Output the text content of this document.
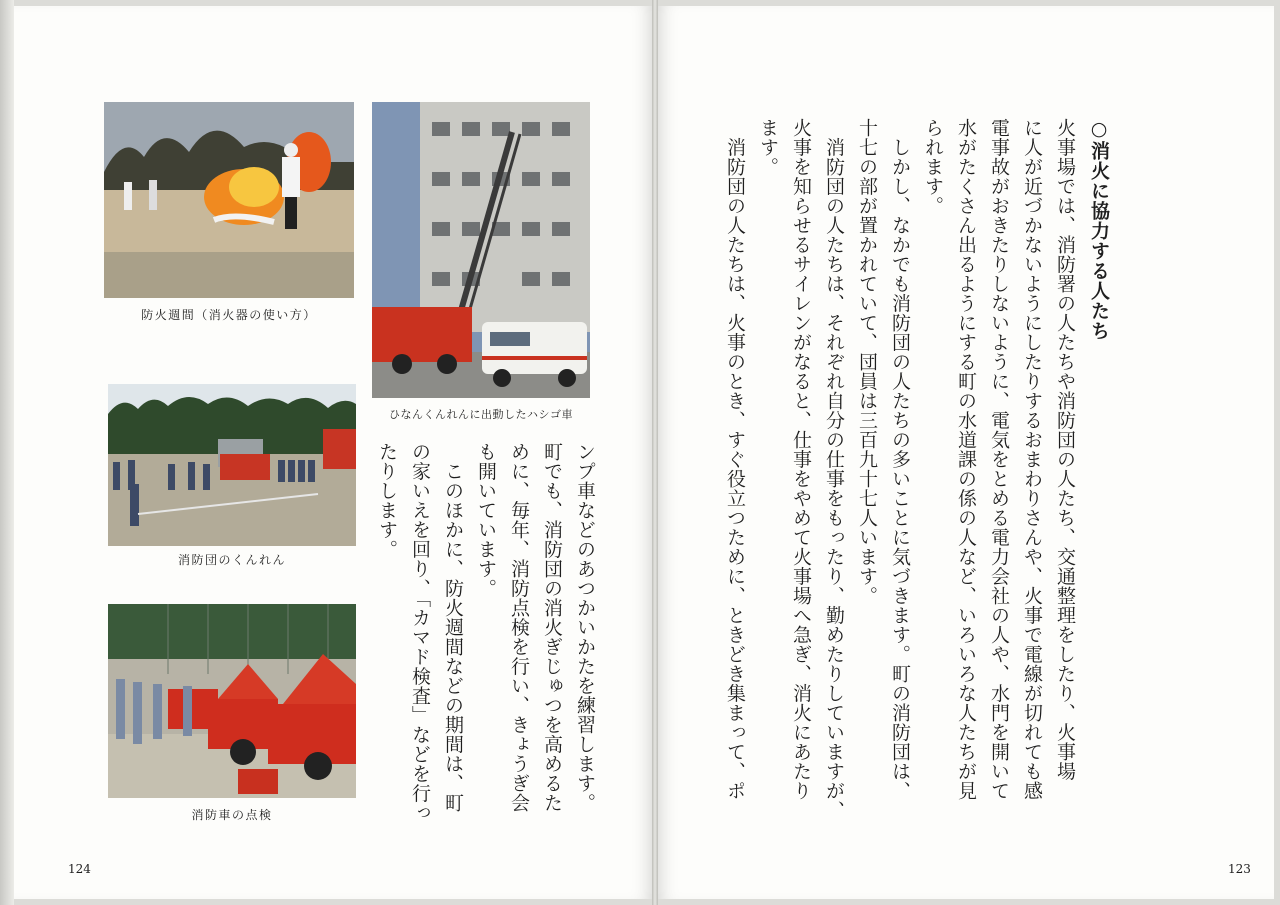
防火週間（消火器の使い方）
ひなんくんれんに出動したハシゴ車
消防団のくんれん
消防車の点検
ンプ車などのあつかいかたを練習します。
町でも、消防団の消火ぎじゅつを高めるた
めに、毎年、消防点検を行い、きょうぎ会
も開いています。
　このほかに、防火週間などの期間は、町
の家いえを回り、「カマド検査」などを行っ
たりします。
124
○消火に協力する人たち
火事場では、消防署の人たちや消防団の人たち、交通整理をしたり、火事場
に人が近づかないようにしたりするおまわりさんや、火事で電線が切れても感
電事故がおきたりしないように、電気をとめる電力会社の人や、水門を開いて
水がたくさん出るようにする町の水道課の係の人など、いろいろな人たちが見
られます。
　しかし、なかでも消防団の人たちの多いことに気づきます。町の消防団は、
十七の部が置かれていて、団員は三百九十七人います。
　消防団の人たちは、それぞれ自分の仕事をもったり、勤めたりしていますが、
火事を知らせるサイレンがなると、仕事をやめて火事場へ急ぎ、消火にあたり
ます。
　消防団の人たちは、火事のとき、すぐ役立つために、ときどき集まって、ポ
123
